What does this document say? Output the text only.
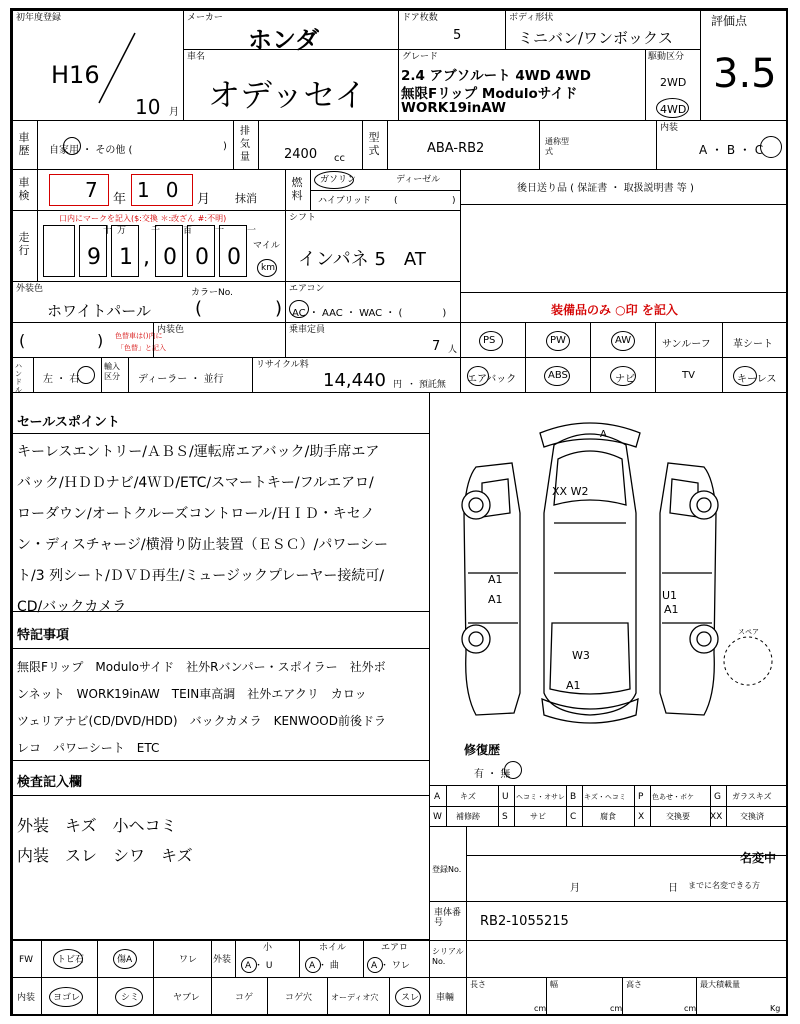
初年度登録
H16
10 月
メーカー
ホンダ
車名
オデッセイ
ドア枚数
5
ボディ形状
ミニバン/ワンボックス
評価点
3.5
グレード
2.4 アブソルート 4WD 4WD
無限Fリップ Moduloサイド
WORK19inAW
駆動区分
2WD
4WD
車歴 自家用 ・ その他 (	)
排気量	2400 cc
型式	ABA-RB2	通称型式
内装
A ・ B ・ C
車検	7 年 10 月 抹消
燃料
ガソリン	ディーゼル
ハイブリッド	(	)
後日送り品 ( 保証書 ・ 取扱説明書 等 )
走行
口内にマークを記入($:交換 ＊:改ざん #:不明)
十 万	千	百	十	一
9 1 , 0 0 0 マイル
km
シフト
インパネ 5　AT
外装色
ホワイトパール
カラーNo.
(	)
エアコン
AC ・ AAC ・ WAC ・ (　　　　)	装備品のみ ○印 を記入
(	) 色替車は()内に
「色替」と記入
内装色	乗車定員
7 人
PS	PW	AW	サンルーフ 革シート
エアバック	ABS	ナビ	TV	キーレス
ハンドル
左 ・ 右
輸入区分	ディーラー ・ 並行
リサイクル料
14,440 円 ・ 預託無
セールスポイント
キーレスエントリー/ＡＢＳ/運転席エアバック/助手席エア
バック/ＨＤＤナビ/4ＷＤ/ETC/スマートキー/フルエアロ/
ローダウン/オートクルーズコントロール/ＨＩＤ・キセノ
ン・ディスチャージ/横滑り防止装置（ＥＳＣ）/パワーシー
ト/3 列シート/ＤＶＤ再生/ミュージックプレーヤー接続可/
CD/バックカメラ
特記事項
無限Fリップ　Moduloサイド　社外Rバンパー・スポイラー　社外ボ
ンネット　WORK19inAW　TEIN車高調　社外エアクリ　カロッ
ツェリアナビ(CD/DVD/HDD)　バックカメラ　KENWOOD前後ドラ
レコ　パワーシート　ETC
検査記入欄
外装　キズ　小ヘコミ
内装　スレ　シワ　キズ
A
XX W2
A1
A1	U1
A1
W3
A1
スペア
修復歴
有 ・ 無
A キズ	U ヘコミ・オサレ B キズ・ヘコミ P 色あせ・ボケ G ガラスキズ
W 補修跡 S	サビ	C	腐食 X	交換要 XX 交換済
登録No.
名変中
月	日 までに名変できる方
車体番号	RB2-1055215
FW	トビ石	傷A	ワレ 外装
小
A ・ U
ホイル
A ・ 曲
エアロ
A ・ ワレ
シリアルNo.
内装 ヨゴレ	シミ	ヤブレ	コゲ	コゲ穴 オーディオ穴	スレ 車輛
長さ
cm
幅
cm
高さ
cm
最大積載量
Kg
